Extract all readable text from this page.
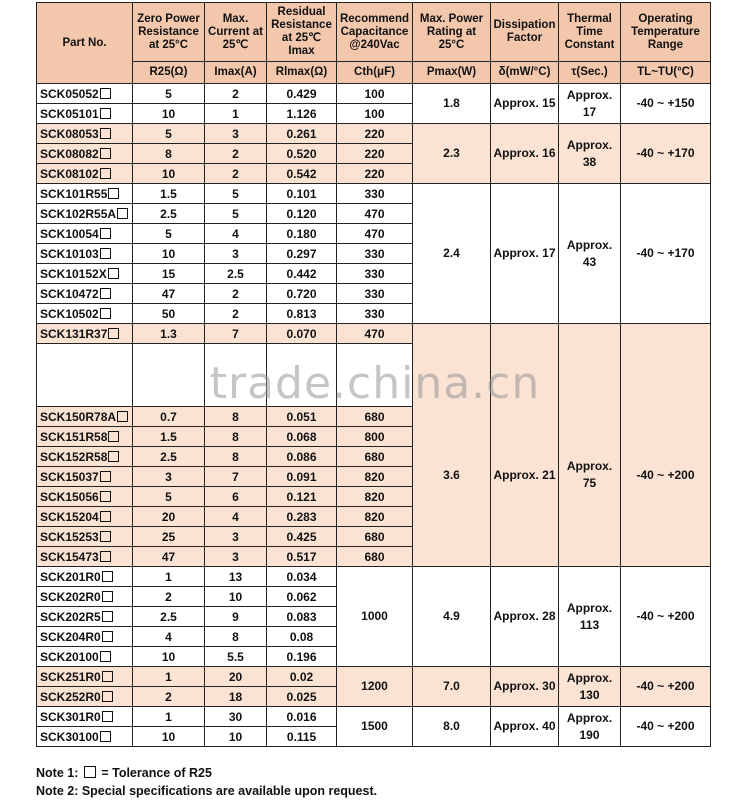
Part No.	Zero Power Resistance at 25°C	Max. Current at 25℃	Residual Resistance at 25℃ Imax	Recommend Capacitance @240Vac	Max. Power Rating at 25°C	Dissipation Factor	Thermal Time Constant	Operating Temperature Range
	R25(Ω)	Imax(A)	Rlmax(Ω)	Cth(μF)	Pmax(W)	δ(mW/°C)	τ(Sec.)	TL~TU(°C)
SCK05052	5	2	0.429	100	1.8	Approx. 15	Approx. 17	-40 ~ +150
SCK05101	10	1	1.126	100				
SCK08053	5	3	0.261	220	2.3	Approx. 16	Approx. 38	-40 ~ +170
SCK08082	8	2	0.520	220				
SCK08102	10	2	0.542	220				
SCK101R55	1.5	5	0.101	330	2.4	Approx. 17	Approx. 43	-40 ~ +170
SCK102R55A	2.5	5	0.120	470				
SCK10054	5	4	0.180	470				
SCK10103	10	3	0.297	330				
SCK10152X	15	2.5	0.442	330				
SCK10472	47	2	0.720	330				
SCK10502	50	2	0.813	330				
SCK131R37	1.3	7	0.070	470	3.6	Approx. 21	Approx. 75	-40 ~ +200

SCK150R78A	0.7	8	0.051	680				
SCK151R58	1.5	8	0.068	800				
SCK152R58	2.5	8	0.086	680				
SCK15037	3	7	0.091	820				
SCK15056	5	6	0.121	820				
SCK15204	20	4	0.283	820				
SCK15253	25	3	0.425	680				
SCK15473	47	3	0.517	680				
SCK201R0	1	13	0.034	1000	4.9	Approx. 28	Approx. 113	-40 ~ +200
SCK202R0	2	10	0.062					
SCK202R5	2.5	9	0.083					
SCK204R0	4	8	0.08					
SCK20100	10	5.5	0.196					
SCK251R0	1	20	0.02	1200	7.0	Approx. 30	Approx. 130	-40 ~ +200
SCK252R0	2	18	0.025					
SCK301R0	1	30	0.016	1500	8.0	Approx. 40	Approx. 190	-40 ~ +200
SCK30100	10	10	0.115					
trade.china.cn
Note 1: = Tolerance of R25
Note 2: Special specifications are available upon request.
